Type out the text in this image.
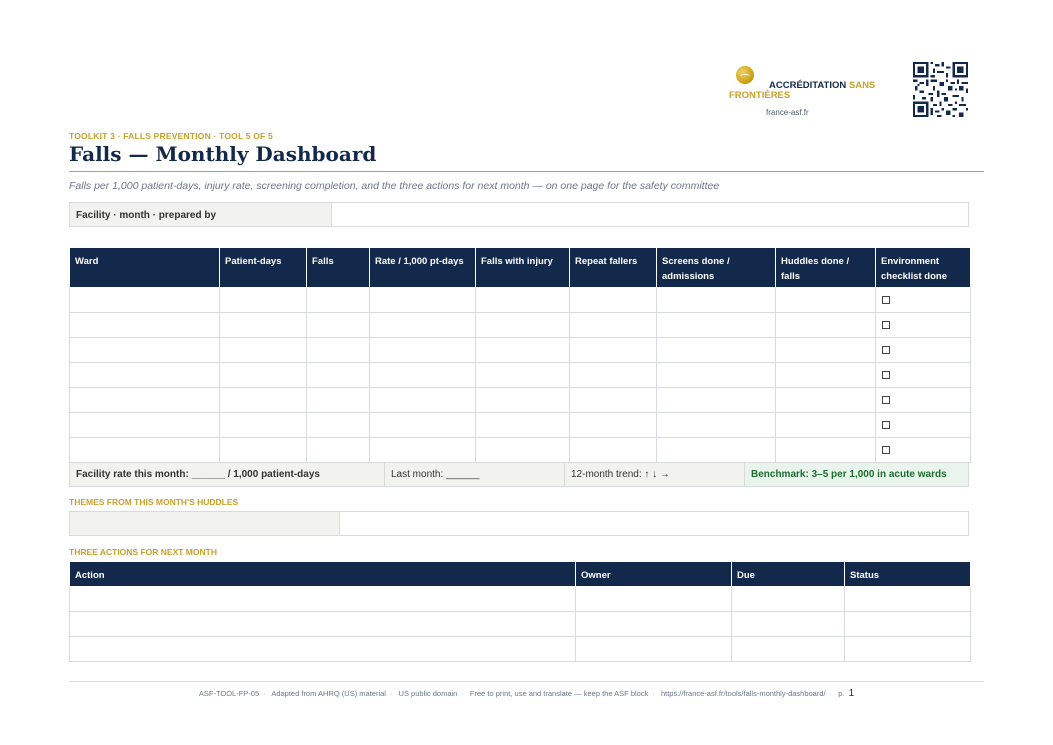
ACCRÉDITATION SANS FRONTIÈRES
france-asf.fr
TOOLKIT 3 · FALLS PREVENTION · TOOL 5 OF 5
Falls — Monthly Dashboard
Falls per 1,000 patient-days, injury rate, screening completion, and the three actions for next month — on one page for the safety committee
Facility · month · prepared by
Ward	Patient-days	Falls	Rate / 1,000 pt-days	Falls with injury	Repeat fallers	Screens done / admissions	Huddles done / falls	Environment checklist done

Facility rate this month: ______ / 1,000 patient-days	Last month: ______	12-month trend: ↑ ↓ →	Benchmark: 3–5 per 1,000 in acute wards
THEMES FROM THIS MONTH'S HUDDLES
THREE ACTIONS FOR NEXT MONTH
Action	Owner	Due	Status

ASF-TOOL-FP-05 · Adapted from AHRQ (US) material · US public domain · Free to print, use and translate — keep the ASF block · https://france-asf.fr/tools/falls-monthly-dashboard/ · p. 1
